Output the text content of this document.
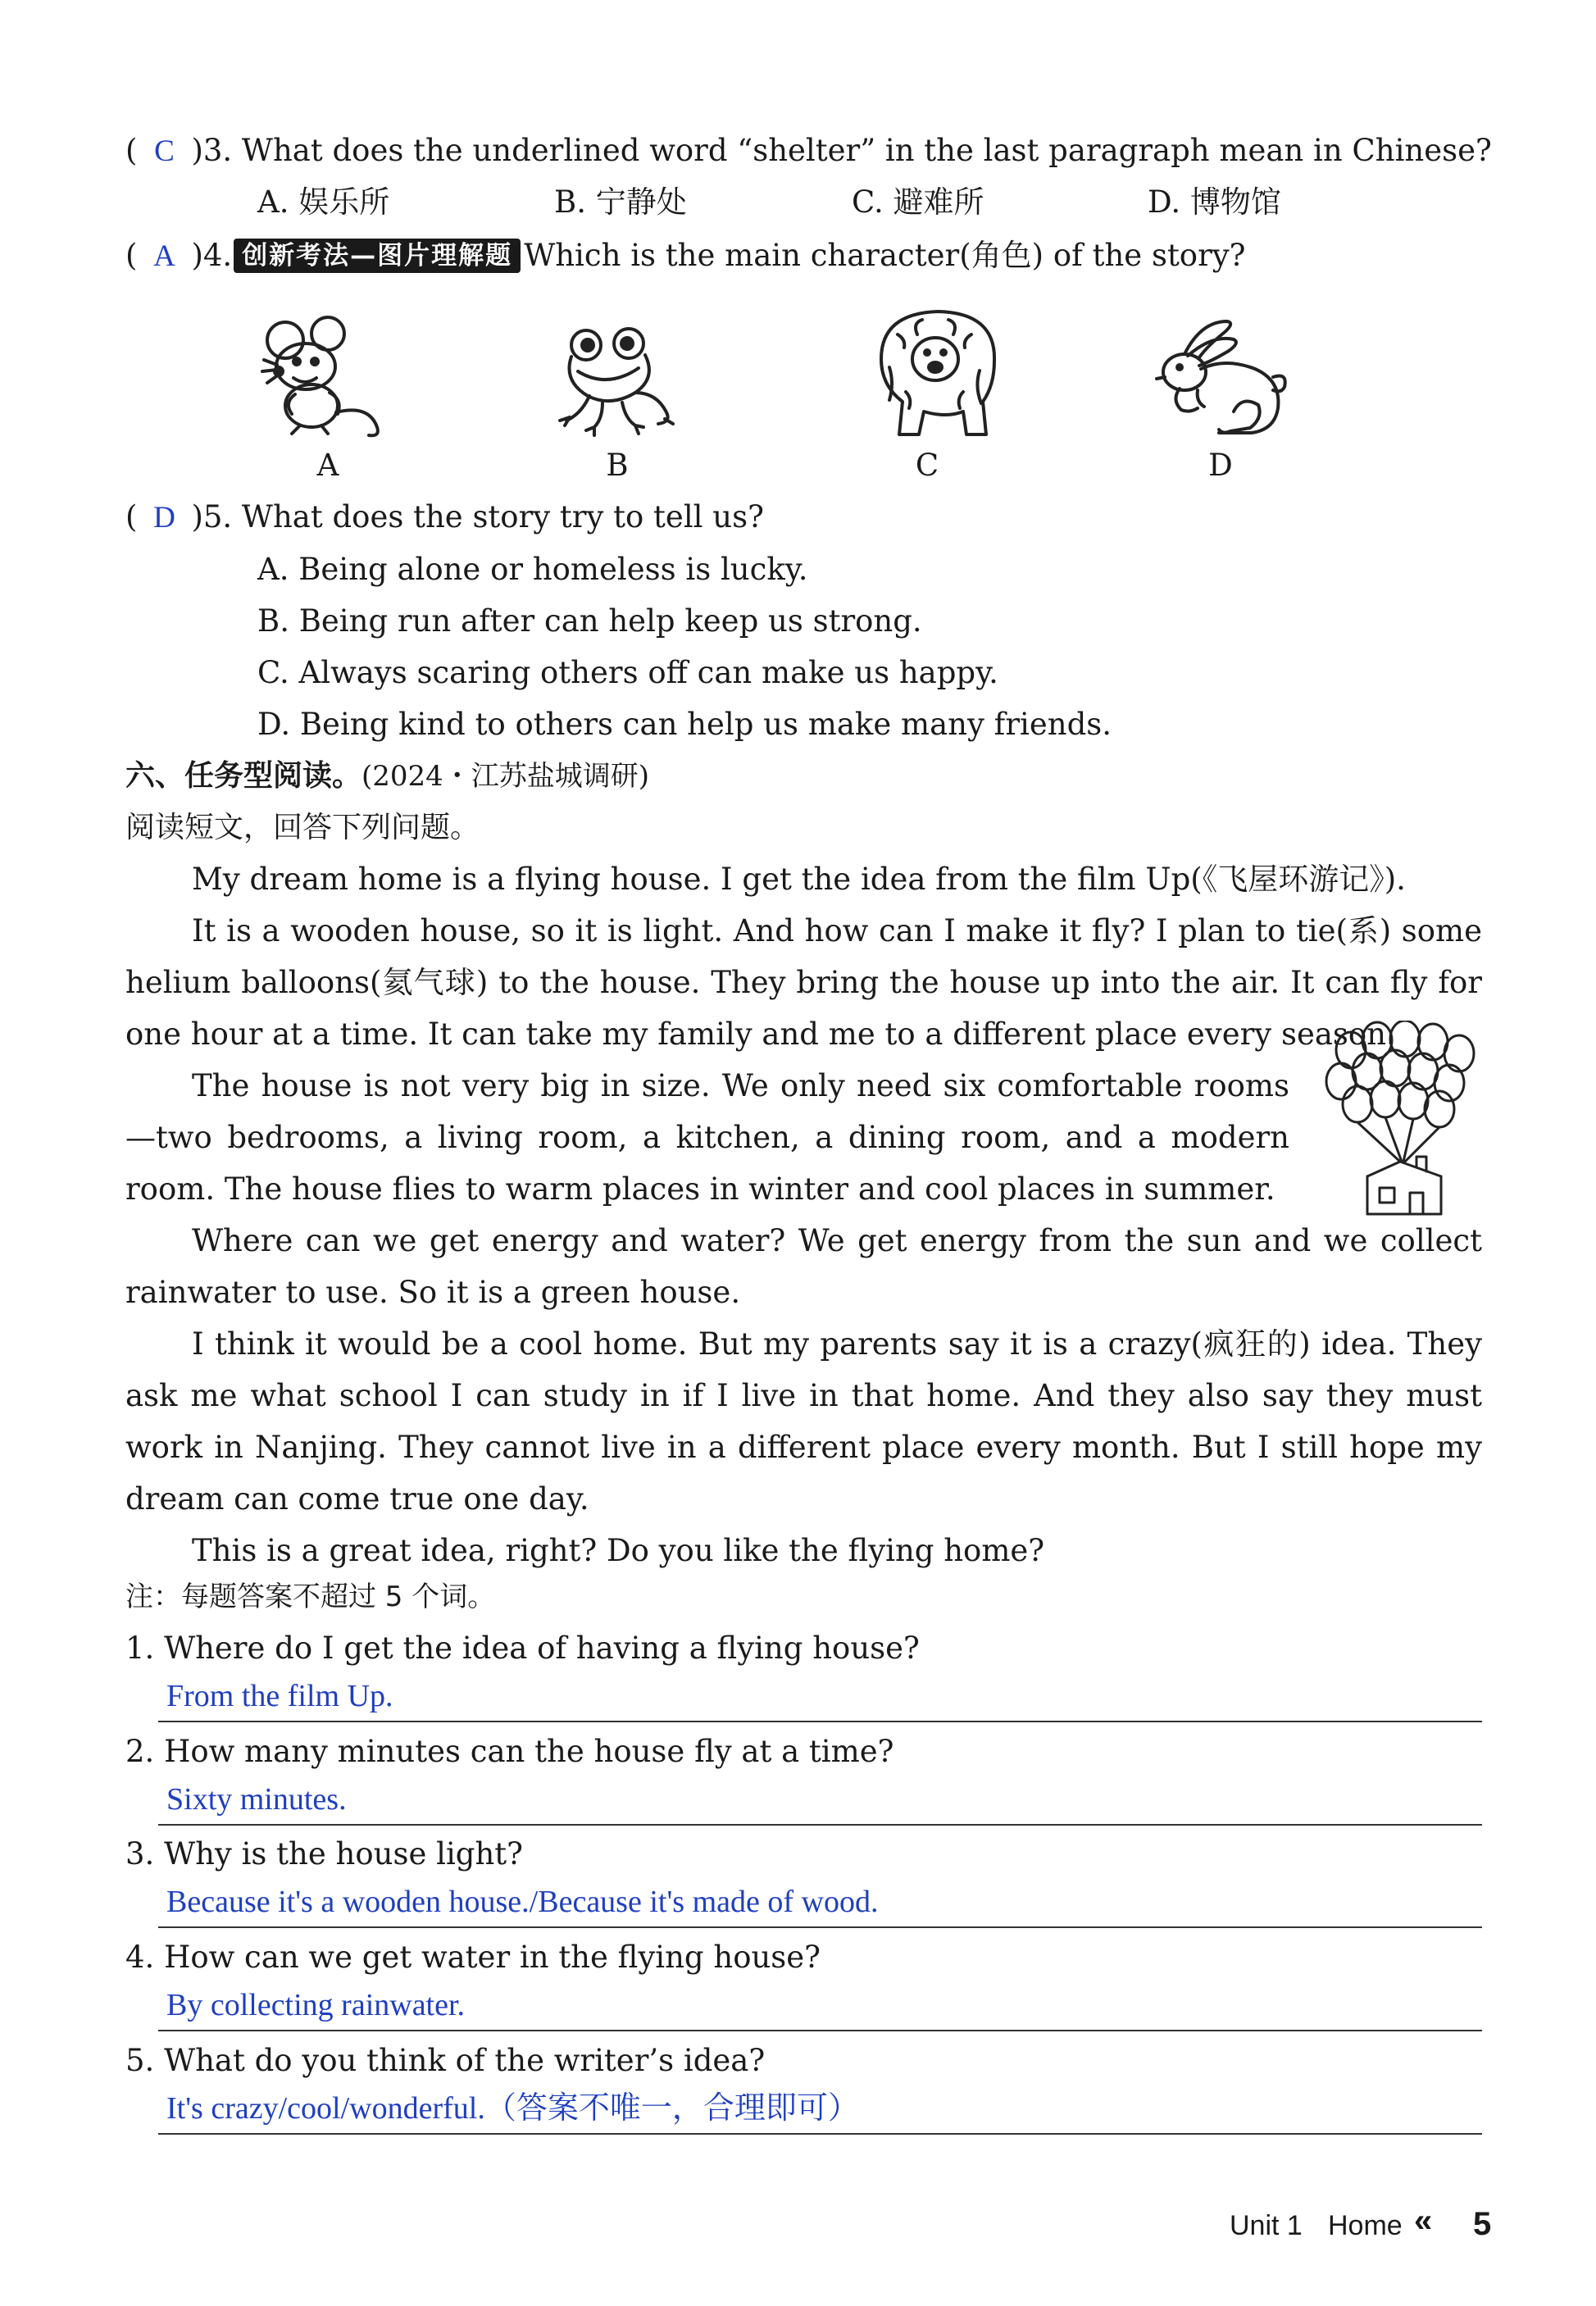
( C )3. What does the underlined word “shelter” in the last paragraph mean in Chinese?
A. 娱乐所	B. 宁静处	C. 避难所	D. 博物馆
( A )4. 创新考法—图片理解题 Which is the main character(角色) of the story?
A	B	C	D
( D )5. What does the story try to tell us?
A. Being alone or homeless is lucky.
B. Being run after can help keep us strong.
C. Always scaring others off can make us happy.
D. Being kind to others can help us make many friends.
六、任务型阅读。(2024・江苏盐城调研)
阅读短文，回答下列问题。
My dream home is a flying house. I get the idea from the film Up(《飞屋环游记》).
It is a wooden house, so it is light. And how can I make it fly? I plan to tie(系) some helium balloons(氦气球) to the house. They bring the house up into the air. It can fly for one hour at a time. It can take my family and me to a different place every season.
The house is not very big in size. We only need six comfortable rooms—two bedrooms, a living room, a kitchen, a dining room, and a modern room. The house flies to warm places in winter and cool places in summer.
Where can we get energy and water? We get energy from the sun and we collect rainwater to use. So it is a green house.
I think it would be a cool home. But my parents say it is a crazy(疯狂的) idea. They ask me what school I can study in if I live in that home. And they also say they must work in Nanjing. They cannot live in a different place every month. But I still hope my dream can come true one day.
This is a great idea, right? Do you like the flying home?
注：每题答案不超过 5 个词。
1. Where do I get the idea of having a flying house?
From the film Up.
2. How many minutes can the house fly at a time?
Sixty minutes.
3. Why is the house light?
Because it's a wooden house./Because it's made of wood.
4. How can we get water in the flying house?
By collecting rainwater.
5. What do you think of the writer’s idea?
It's crazy/cool/wonderful.（答案不唯一，合理即可）
Unit 1 Home « 5
